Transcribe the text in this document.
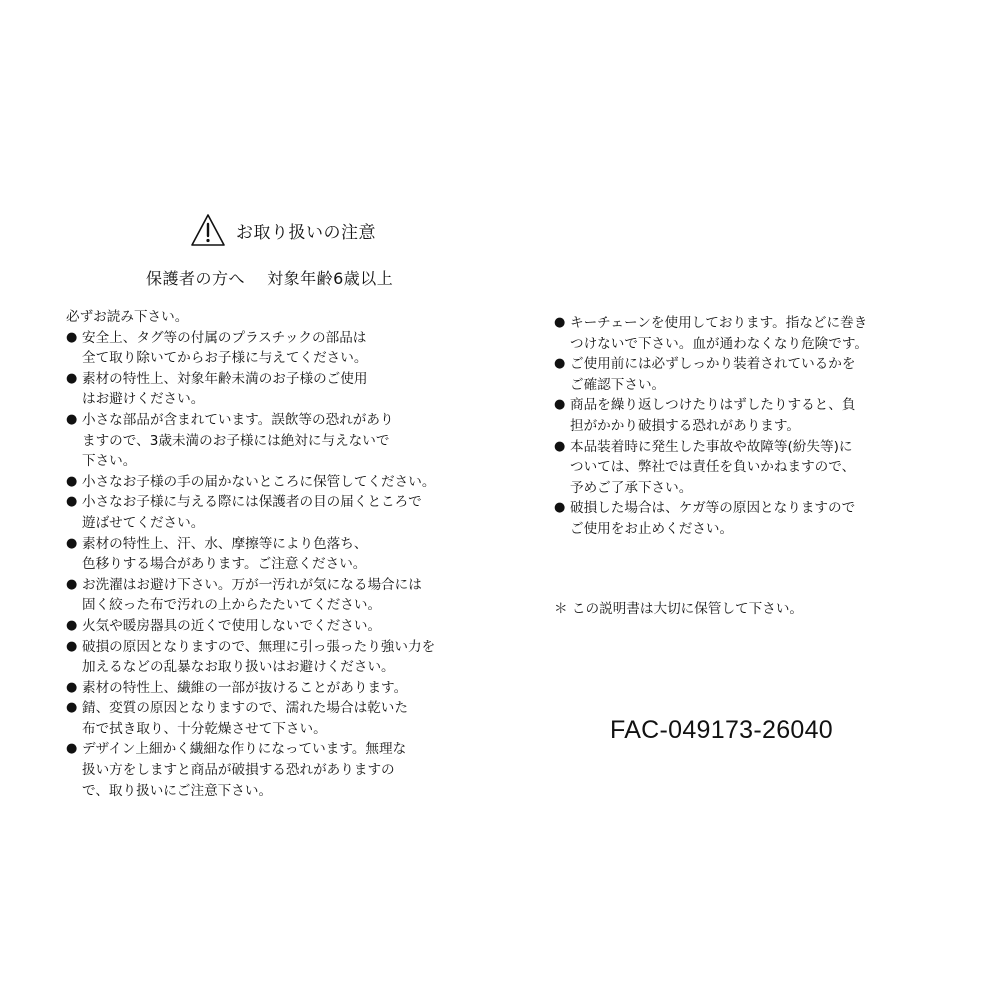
お取り扱いの注意
保護者の方へ　 対象年齢6歳以上
必ずお読み下さい。
● 安全上、タグ等の付属のプラスチックの部品は
全て取り除いてからお子様に与えてください。
● 素材の特性上、対象年齢未満のお子様のご使用
はお避けください。
● 小さな部品が含まれています。誤飲等の恐れがあり
ますので、3歳未満のお子様には絶対に与えないで
下さい。
● 小さなお子様の手の届かないところに保管してください。
● 小さなお子様に与える際には保護者の目の届くところで
遊ばせてください。
● 素材の特性上、汗、水、摩擦等により色落ち、
色移りする場合があります。ご注意ください。
● お洗濯はお避け下さい。万が一汚れが気になる場合には
固く絞った布で汚れの上からたたいてください。
● 火気や暖房器具の近くで使用しないでください。
● 破損の原因となりますので、無理に引っ張ったり強い力を
加えるなどの乱暴なお取り扱いはお避けください。
● 素材の特性上、繊維の一部が抜けることがあります。
● 錆、変質の原因となりますので、濡れた場合は乾いた
布で拭き取り、十分乾燥させて下さい。
● デザイン上細かく繊細な作りになっています。無理な
扱い方をしますと商品が破損する恐れがありますの
で、取り扱いにご注意下さい。
● キーチェーンを使用しております。指などに巻き
つけないで下さい。血が通わなくなり危険です。
● ご使用前には必ずしっかり装着されているかを
ご確認下さい。
● 商品を繰り返しつけたりはずしたりすると、負
担がかかり破損する恐れがあります。
● 本品装着時に発生した事故や故障等(紛失等)に
ついては、弊社では責任を負いかねますので、
予めご了承下さい。
● 破損した場合は、ケガ等の原因となりますので
ご使用をお止めください。
＊ この説明書は大切に保管して下さい。
FAC-049173-26040
